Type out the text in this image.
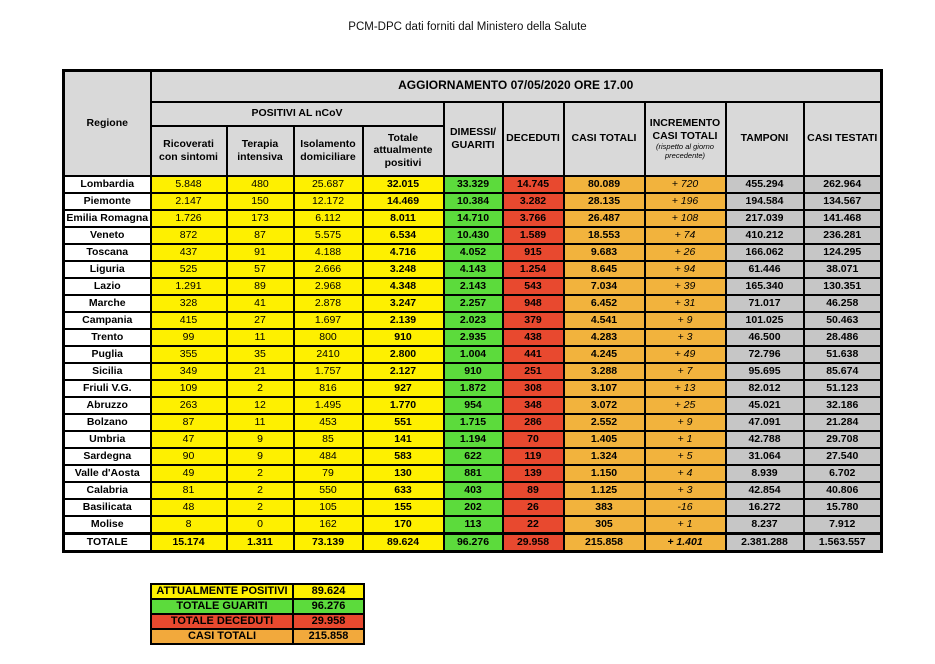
PCM-DPC dati forniti dal Ministero della Salute
Regione	AGGIORNAMENTO 07/05/2020 ORE 17.00									
	POSITIVI AL nCoV				DIMESSI/ GUARITI	DECEDUTI	CASI TOTALI	INCREMENTO CASI TOTALI
(rispetto al giorno precedente)	TAMPONI	CASI TESTATI
	Ricoverati con sintomi	Terapia intensiva	Isolamento domiciliare	Totale attualmente positivi						
Lombardia	5.848	480	25.687	32.015	33.329	14.745	80.089	+ 720	455.294	262.964
Piemonte	2.147	150	12.172	14.469	10.384	3.282	28.135	+ 196	194.584	134.567
Emilia Romagna	1.726	173	6.112	8.011	14.710	3.766	26.487	+ 108	217.039	141.468
Veneto	872	87	5.575	6.534	10.430	1.589	18.553	+ 74	410.212	236.281
Toscana	437	91	4.188	4.716	4.052	915	9.683	+ 26	166.062	124.295
Liguria	525	57	2.666	3.248	4.143	1.254	8.645	+ 94	61.446	38.071
Lazio	1.291	89	2.968	4.348	2.143	543	7.034	+ 39	165.340	130.351
Marche	328	41	2.878	3.247	2.257	948	6.452	+ 31	71.017	46.258
Campania	415	27	1.697	2.139	2.023	379	4.541	+ 9	101.025	50.463
Trento	99	11	800	910	2.935	438	4.283	+ 3	46.500	28.486
Puglia	355	35	2410	2.800	1.004	441	4.245	+ 49	72.796	51.638
Sicilia	349	21	1.757	2.127	910	251	3.288	+ 7	95.695	85.674
Friuli V.G.	109	2	816	927	1.872	308	3.107	+ 13	82.012	51.123
Abruzzo	263	12	1.495	1.770	954	348	3.072	+ 25	45.021	32.186
Bolzano	87	11	453	551	1.715	286	2.552	+ 9	47.091	21.284
Umbria	47	9	85	141	1.194	70	1.405	+ 1	42.788	29.708
Sardegna	90	9	484	583	622	119	1.324	+ 5	31.064	27.540
Valle d'Aosta	49	2	79	130	881	139	1.150	+ 4	8.939	6.702
Calabria	81	2	550	633	403	89	1.125	+ 3	42.854	40.806
Basilicata	48	2	105	155	202	26	383	-16	16.272	15.780
Molise	8	0	162	170	113	22	305	+ 1	8.237	7.912
TOTALE	15.174	1.311	73.139	89.624	96.276	29.958	215.858	+ 1.401	2.381.288	1.563.557
ATTUALMENTE POSITIVI	89.624
TOTALE GUARITI	96.276
TOTALE DECEDUTI	29.958
CASI TOTALI	215.858
